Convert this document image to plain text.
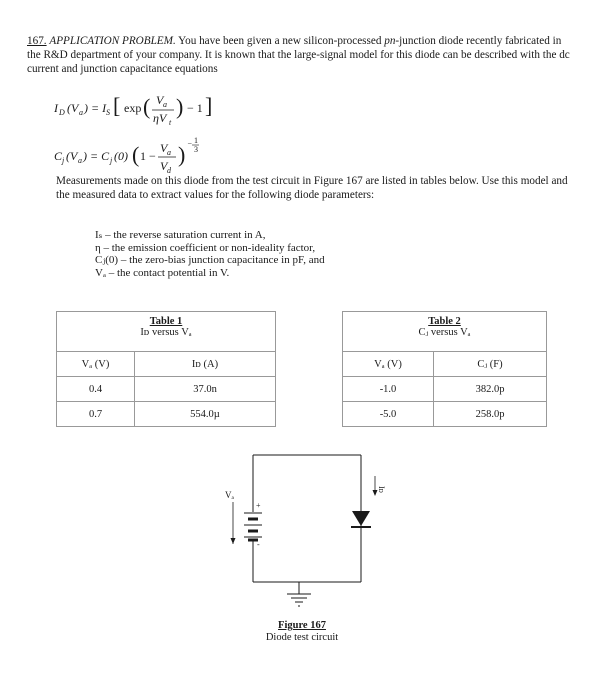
167. APPLICATION PROBLEM. You have been given a new silicon-processed pn-junction diode recently fabricated in the R&D department of your company. It is known that the large-signal model for this diode can be described with the dc current and junction capacitance equations
I D (V a ) = I S [ exp ( V a
ηV t
) − 1 ]
C j (V a ) = C j (0) ( 1 −
V a
V d
) − 1
3
Measurements made on this diode from the test circuit in Figure 167 are listed in tables below. Use this model and the measured data to extract values for the following diode parameters:
Iₛ – the reverse saturation current in A,
η – the emission coefficient or non-ideality factor,
Cⱼ(0) – the zero-bias junction capacitance in pF, and
Vₐ – the contact potential in V.
Table 1
Iᴅ versus Vₐ	

Vₐ (V)	Iᴅ (A)
0.4	37.0n
0.7	554.0µ
Table 2
Cⱼ versus Vₐ	

Vₐ (V)	Cⱼ (F)
-1.0	382.0p
-5.0	258.0p
Vₐ
+
-
Iᴅ
Figure 167
Diode test circuit
